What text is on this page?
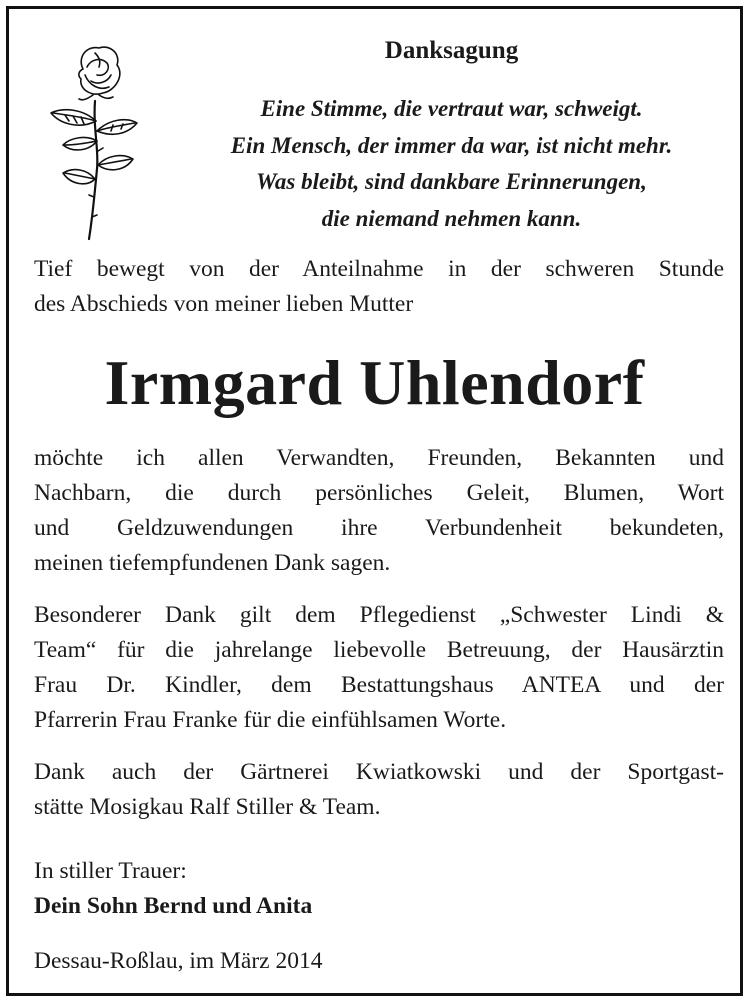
Danksagung
Eine Stimme, die vertraut war, schweigt.
Ein Mensch, der immer da war, ist nicht mehr.
Was bleibt, sind dankbare Erinnerungen,
die niemand nehmen kann.
Tief bewegt von der Anteilnahme in der schweren Stunde
des Abschieds von meiner lieben Mutter
Irmgard Uhlendorf
möchte ich allen Verwandten, Freunden, Bekannten und
Nachbarn, die durch persönliches Geleit, Blumen, Wort
und Geldzuwendungen ihre Verbundenheit bekundeten,
meinen tiefempfundenen Dank sagen.
Besonderer Dank gilt dem Pflegedienst „Schwester Lindi &
Team“ für die jahrelange liebevolle Betreuung, der Hausärztin
Frau Dr. Kindler, dem Bestattungshaus ANTEA und der
Pfarrerin Frau Franke für die einfühlsamen Worte.
Dank auch der Gärtnerei Kwiatkowski und der Sportgast-
stätte Mosigkau Ralf Stiller & Team.
In stiller Trauer:
Dein Sohn Bernd und Anita
Dessau-Roßlau, im März 2014
